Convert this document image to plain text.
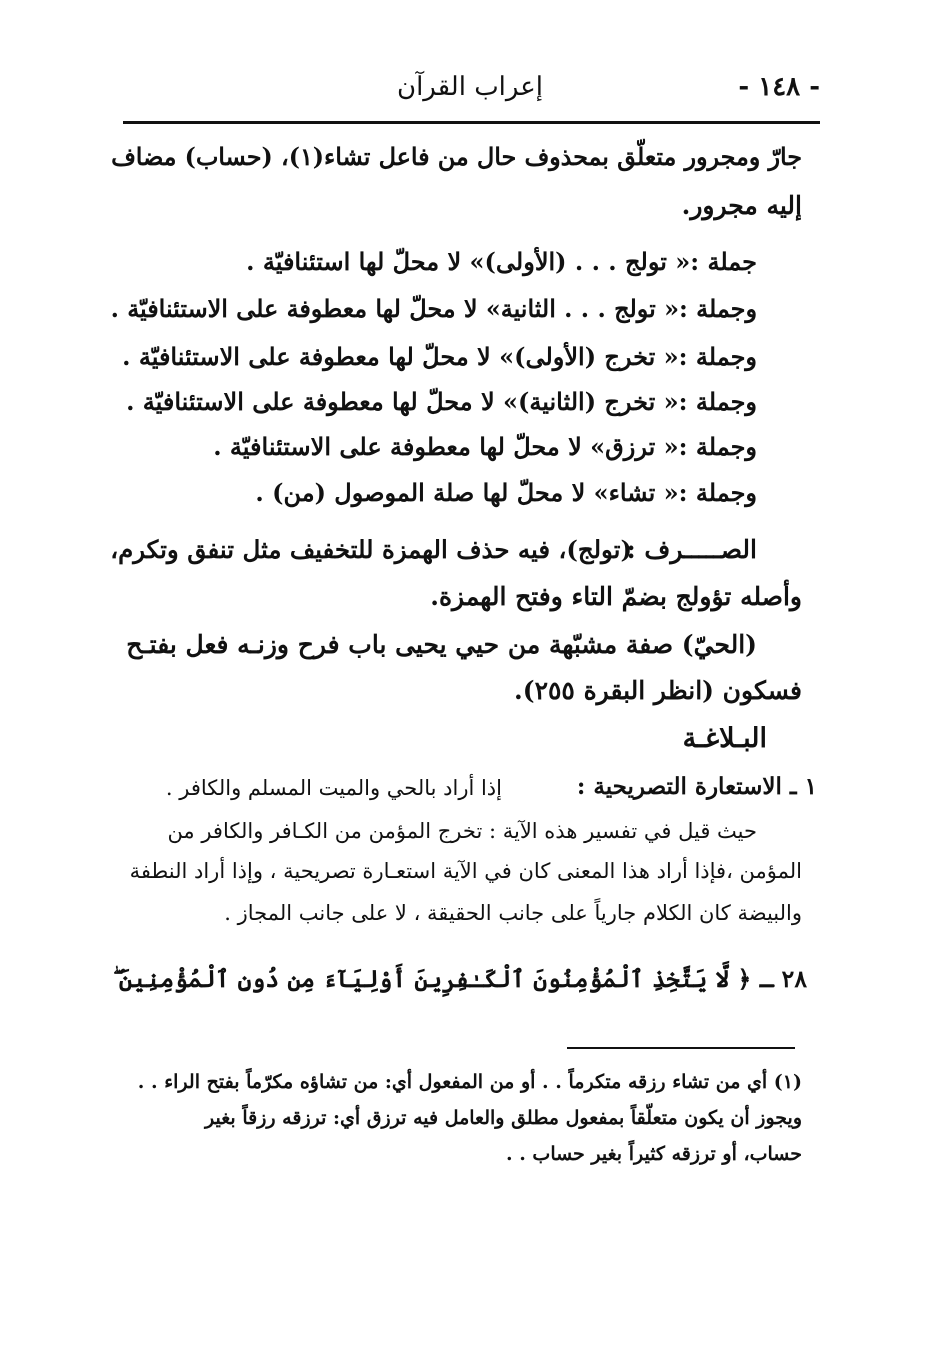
إعراب القرآن	- ١٤٨ -
جارّ ومجرور متعلّق بمحذوف حال من فاعل تشاء(١)، (حساب) مضاف
إليه مجرور.
جملة :« تولج . . . (الأولى)» لا محلّ لها استئنافيّة .
وجملة :« تولج . . . الثانية» لا محلّ لها معطوفة على الاستئنافيّة .
وجملة :« تخرج (الأولى)» لا محلّ لها معطوفة على الاستئنافيّة .
وجملة :« تخرج (الثانية)» لا محلّ لها معطوفة على الاستئنافيّة .
وجملة :« ترزق» لا محلّ لها معطوفة على الاستئنافيّة .
وجملة :« تشاء» لا محلّ لها صلة الموصول (من) .
الصـــــرف :
(تولج)، فيه حذف الهمزة للتخفيف مثل تنفق وتكرم،
وأصله تؤولج بضمّ التاء وفتح الهمزة.
(الحيّ) صفة مشبّهة من حيي يحيى باب فرح وزنـه فعل بفتـح
فسكون (انظر البقرة ٢٥٥).
البـلاغـة
١ ـ الاستعارة التصريحية :
إذا أراد بالحي والميت المسلم والكافر .
حيث قيل في تفسير هذه الآية : تخرج المؤمن من الكـافر والكافر من
المؤمن ،فإذا أراد هذا المعنى كان في الآية استعـارة تصريحية ، وإذا أراد النطفة
والبيضة كان الكلام جارياً على جانب الحقيقة ، لا على جانب المجاز .
٢٨ ـ ﴿ لَّا يَتَّخِذِ ٱلْمُؤْمِنُونَ ٱلْكَـٰفِرِينَ أَوْلِيَآءَ مِن دُونِ ٱلْمُؤْمِنِينَ ۖ
(١) أي من تشاء رزقه متكرماً . . أو من المفعول أي: من تشاؤه مكرّماً بفتح الراء . .
ويجوز أن يكون متعلّقاً بمفعول مطلق والعامل فيه ترزق أي: ترزقه رزقاً بغير
حساب، أو ترزقه كثيراً بغير حساب . .
